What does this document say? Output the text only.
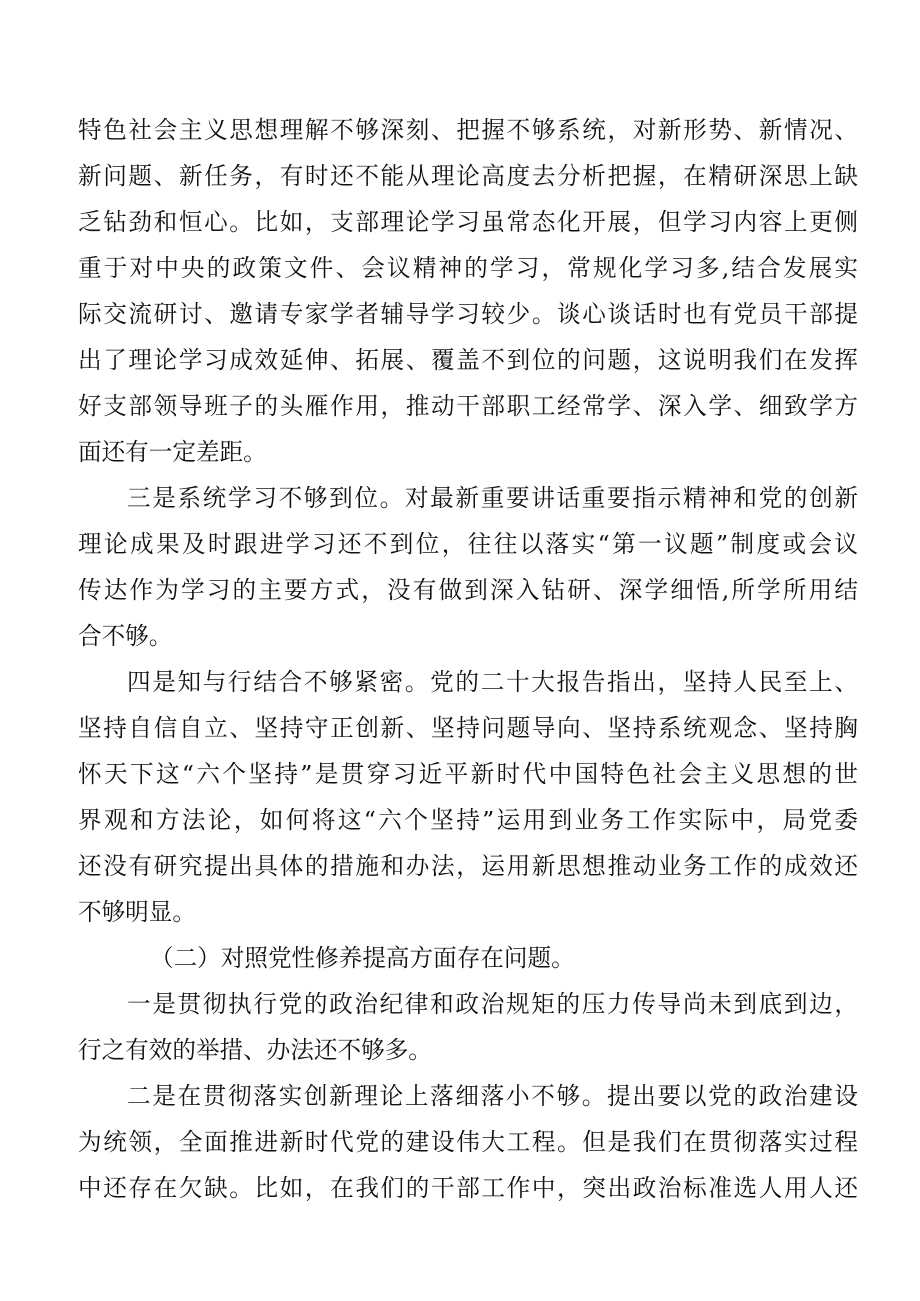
特色社会主义思想理解不够深刻、把握不够系统，对新形势、新情况、
新问题、新任务，有时还不能从理论高度去分析把握，在精研深思上缺
乏钻劲和恒心。比如，支部理论学习虽常态化开展，但学习内容上更侧
重于对中央的政策文件、会议精神的学习，常规化学习多,结合发展实
际交流研讨、邀请专家学者辅导学习较少。谈心谈话时也有党员干部提
出了理论学习成效延伸、拓展、覆盖不到位的问题，这说明我们在发挥
好支部领导班子的头雁作用，推动干部职工经常学、深入学、细致学方
面还有一定差距。
三是系统学习不够到位。对最新重要讲话重要指示精神和党的创新
理论成果及时跟进学习还不到位，往往以落实“第一议题”制度或会议
传达作为学习的主要方式，没有做到深入钻研、深学细悟,所学所用结
合不够。
四是知与行结合不够紧密。党的二十大报告指出，坚持人民至上、
坚持自信自立、坚持守正创新、坚持问题导向、坚持系统观念、坚持胸
怀天下这“六个坚持”是贯穿习近平新时代中国特色社会主义思想的世
界观和方法论，如何将这“六个坚持”运用到业务工作实际中，局党委
还没有研究提出具体的措施和办法，运用新思想推动业务工作的成效还
不够明显。
（二）对照党性修养提高方面存在问题。
一是贯彻执行党的政治纪律和政治规矩的压力传导尚未到底到边，
行之有效的举措、办法还不够多。
二是在贯彻落实创新理论上落细落小不够。提出要以党的政治建设
为统领，全面推进新时代党的建设伟大工程。但是我们在贯彻落实过程
中还存在欠缺。比如，在我们的干部工作中，突出政治标准选人用人还
